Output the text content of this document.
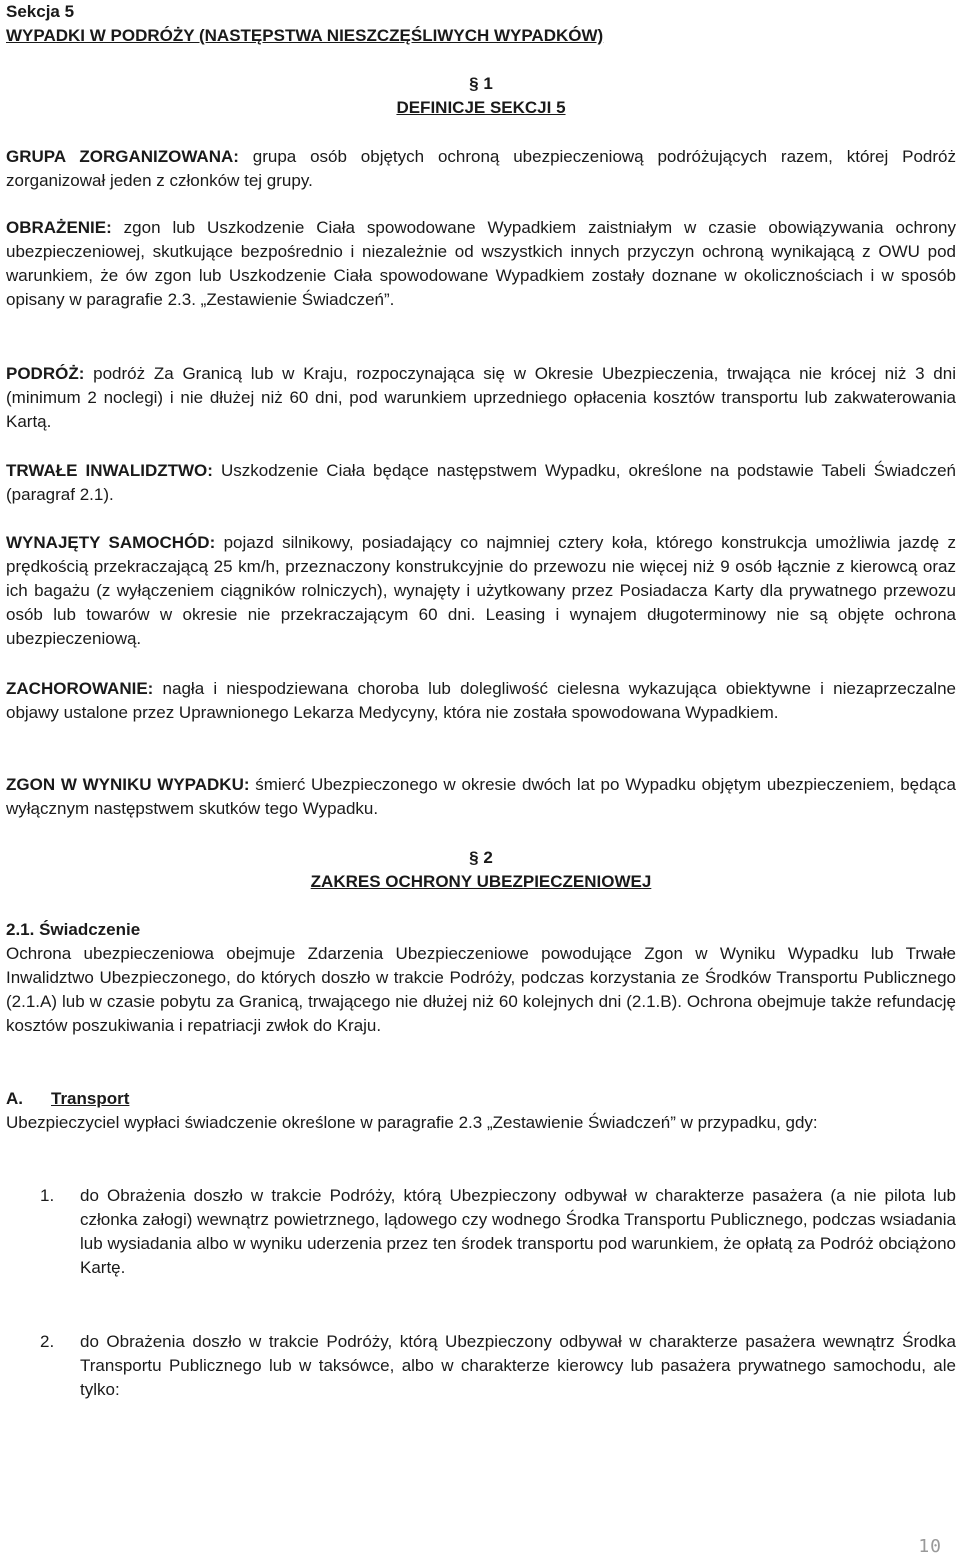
Sekcja 5
WYPADKI W PODRÓŻY (NASTĘPSTWA NIESZCZĘŚLIWYCH WYPADKÓW)
§ 1
DEFINICJE SEKCJI 5

GRUPA ZORGANIZOWANA: grupa osób objętych ochroną ubezpieczeniową podróżujących razem, której Podróż zorganizował jeden z członków tej grupy.

OBRAŻENIE: zgon lub Uszkodzenie Ciała spowodowane Wypadkiem zaistniałym w czasie obowiązywania ochrony ubezpieczeniowej, skutkujące bezpośrednio i niezależnie od wszystkich innych przyczyn ochroną wynikającą z OWU pod warunkiem, że ów zgon lub Uszkodzenie Ciała spowodowane Wypadkiem zostały doznane w okolicznościach i w sposób opisany w paragrafie 2.3. „Zestawienie Świadczeń”.

PODRÓŻ: podróż Za Granicą lub w Kraju, rozpoczynająca się w Okresie Ubezpieczenia, trwająca nie krócej niż 3 dni (minimum 2 noclegi) i nie dłużej niż 60 dni, pod warunkiem uprzedniego opłacenia kosztów transportu lub zakwaterowania Kartą.

TRWAŁE INWALIDZTWO: Uszkodzenie Ciała będące następstwem Wypadku, określone na podstawie Tabeli Świadczeń (paragraf 2.1).

WYNAJĘTY SAMOCHÓD: pojazd silnikowy, posiadający co najmniej cztery koła, którego konstrukcja umożliwia jazdę z prędkością przekraczającą 25 km/h, przeznaczony konstrukcyjnie do przewozu nie więcej niż 9 osób łącznie z kierowcą oraz ich bagażu (z wyłączeniem ciągników rolniczych), wynajęty i użytkowany przez Posiadacza Karty dla prywatnego przewozu osób lub towarów w okresie nie przekraczającym 60 dni. Leasing i wynajem długoterminowy nie są objęte ochrona ubezpieczeniową.

ZACHOROWANIE: nagła i niespodziewana choroba lub dolegliwość cielesna wykazująca obiektywne i niezaprzeczalne objawy ustalone przez Uprawnionego Lekarza Medycyny, która nie została spowodowana Wypadkiem.

ZGON W WYNIKU WYPADKU: śmierć Ubezpieczonego w okresie dwóch lat po Wypadku objętym ubezpieczeniem, będąca wyłącznym następstwem skutków tego Wypadku.

§ 2
ZAKRES OCHRONY UBEZPIECZENIOWEJ
2.1. Świadczenie

Ochrona ubezpieczeniowa obejmuje Zdarzenia Ubezpieczeniowe powodujące Zgon w Wyniku Wypadku lub Trwałe Inwalidztwo Ubezpieczonego, do których doszło w trakcie Podróży, podczas korzystania ze Środków Transportu Publicznego (2.1.A) lub w czasie pobytu za Granicą, trwającego nie dłużej niż 60 kolejnych dni (2.1.B). Ochrona obejmuje także refundację kosztów poszukiwania i repatriacji zwłok do Kraju.

A. Transport

Ubezpieczyciel wypłaci świadczenie określone w paragrafie 2.3 „Zestawienie Świadczeń” w przypadku, gdy:

1. do Obrażenia doszło w trakcie Podróży, którą Ubezpieczony odbywał w charakterze pasażera (a nie pilota lub członka załogi) wewnątrz powietrznego, lądowego czy wodnego Środka Transportu Publicznego, podczas wsiadania lub wysiadania albo w wyniku uderzenia przez ten środek transportu pod warunkiem, że opłatą za Podróż obciążono Kartę.

2. do Obrażenia doszło w trakcie Podróży, którą Ubezpieczony odbywał w charakterze pasażera wewnątrz Środka Transportu Publicznego lub w taksówce, albo w charakterze kierowcy lub pasażera prywatnego samochodu, ale tylko:

10
